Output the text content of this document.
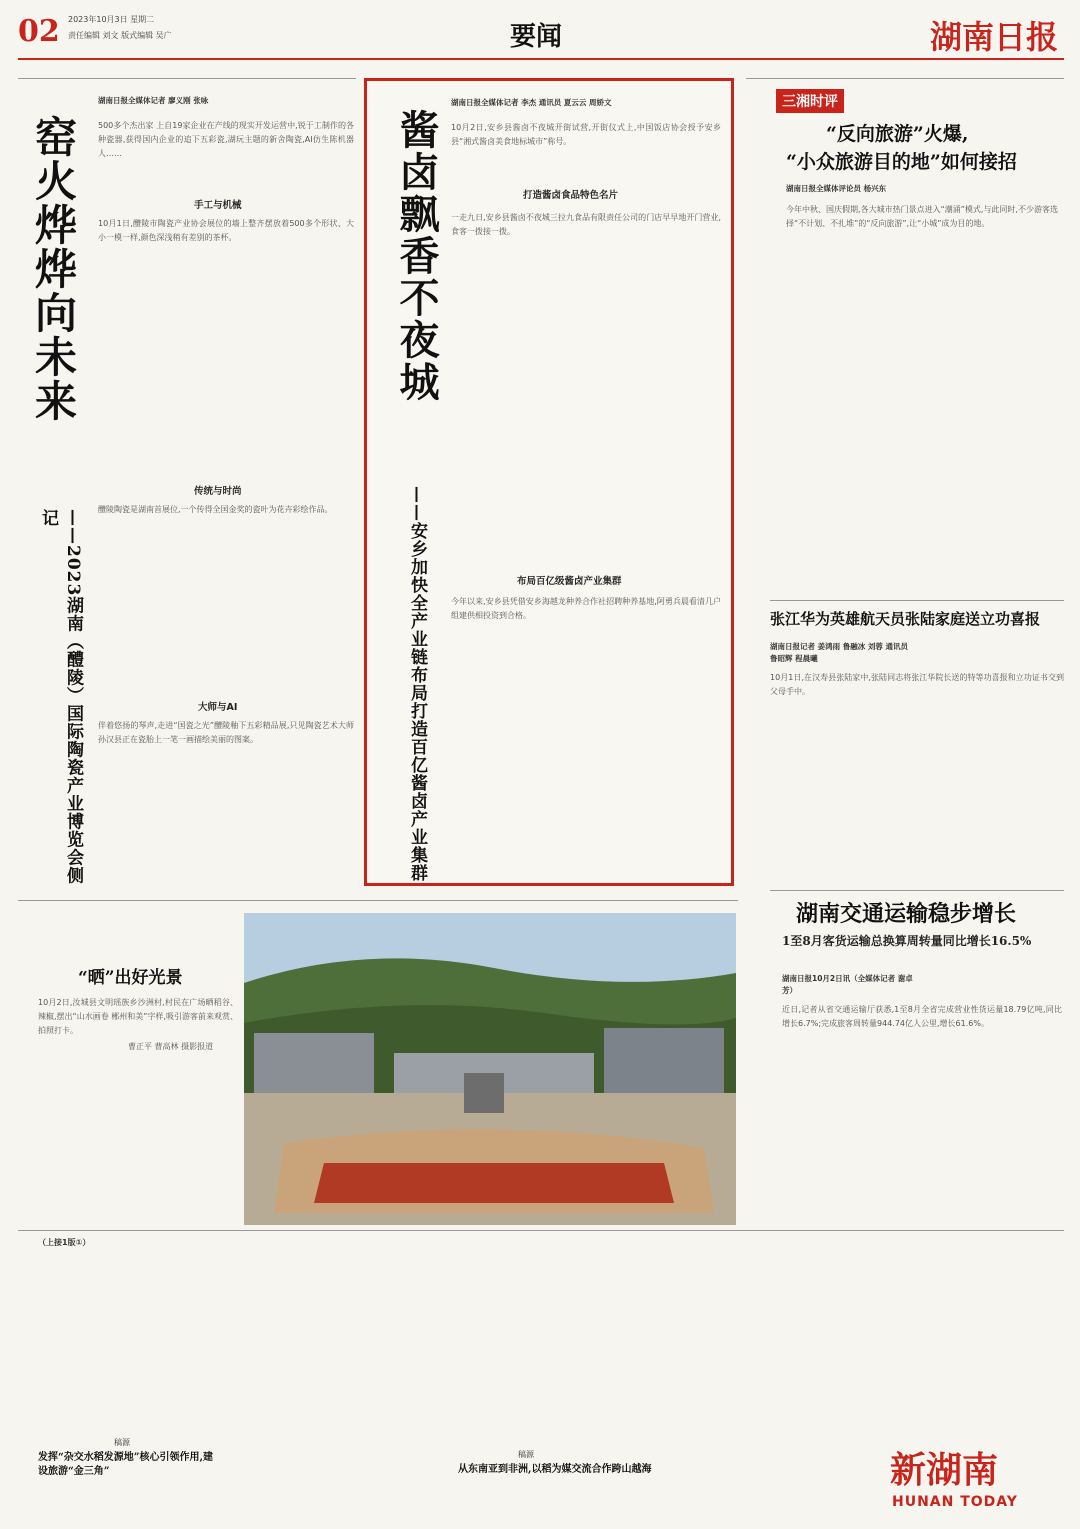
02 2023年10月3日 星期二
责任编辑 刘文 版式编辑 吴广	要闻	湖南日报
窑火烨烨向未来
——2023湖南（醴陵）国际陶瓷产业博览会侧记
湖南日报全媒体记者 廖义刚 张咏
500多个杰出家 上自19家企业在产线的现实开发运营中,锐于工制作的各种瓷器,获得国内企业的追下五彩瓷,湖玩主题的新舍陶瓷,AI仿生陈机器人……
手工与机械
10月1日,醴陵市陶瓷产业协会展位的墙上整齐摆放着500多个形状、大小一模一样,颜色深浅稍有差别的茶杯。
传统与时尚
醴陵陶瓷是湖南首展位,一个传得全国金奖的瓷叶为花卉彩绘作品。
大师与AI
伴着悠扬的琴声,走进“国瓷之光”醴陵釉下五彩精品展,只见陶瓷艺术大师孙汉县正在瓷胎上一笔一画描绘美丽的图案。
酱卤飘香不夜城
——安乡加快全产业链布局打造百亿酱卤产业集群
湖南日报全媒体记者 李杰 通讯员 夏云云 周娇文
10月2日,安乡县酱卤不夜城开街试营,开街仪式上,中国饭店协会授予安乡县“湘式酱卤美食地标城市”称号。
打造酱卤食品特色名片
一走九日,安乡县酱卤不夜城三拉九食品有限责任公司的门店早早地开门营业,食客一拨接一拨。
布局百亿级酱卤产业集群
今年以来,安乡县凭借安乡海越龙种养合作社招聘种养基地,阿勇兵晨看清几户组建供相投资到合格。
三湘时评
“反向旅游”火爆,
“小众旅游目的地”如何接招
湖南日报全媒体评论员 杨兴东
今年中秋、国庆假期,各大城市热门景点进入“潮涌”模式,与此同时,不少游客选择“不计划、不扎堆”的“反向旅游”,让“小城”成为目的地。
张江华为英雄航天员张陆家庭送立功喜报
湖南日报记者 姜鸿雨 鲁融冰 刘蓉 通讯员 鲁昭辉 程晨曦
10月1日,在汉寿县张陆家中,张陆同志将张江华院长送的特等功喜报和立功证书交到父母手中。
“晒”出好光景
10月2日,汝城县文明瑶族乡沙洲村,村民在广场晒稻谷、辣椒,摆出“山水画卷 郴州和美”字样,吸引游客前来观赏、拍照打卡。
曹正平 曹高林 摄影报道
湖南交通运输稳步增长
1至8月客货运输总换算周转量同比增长16.5%
湖南日报10月2日讯（全媒体记者 谢卓芳）
近日,记者从省交通运输厅获悉,1至8月全省完成营业性货运量18.79亿吨,同比增长6.7%;完成旅客周转量944.74亿人公里,增长61.6%。
（上接1版①）
稿源
发挥“杂交水稻发源地”核心引领作用,建设旅游“金三角”
稿源
从东南亚到非洲,以稻为媒交流合作跨山越海	新湖南
HUNAN TODAY
